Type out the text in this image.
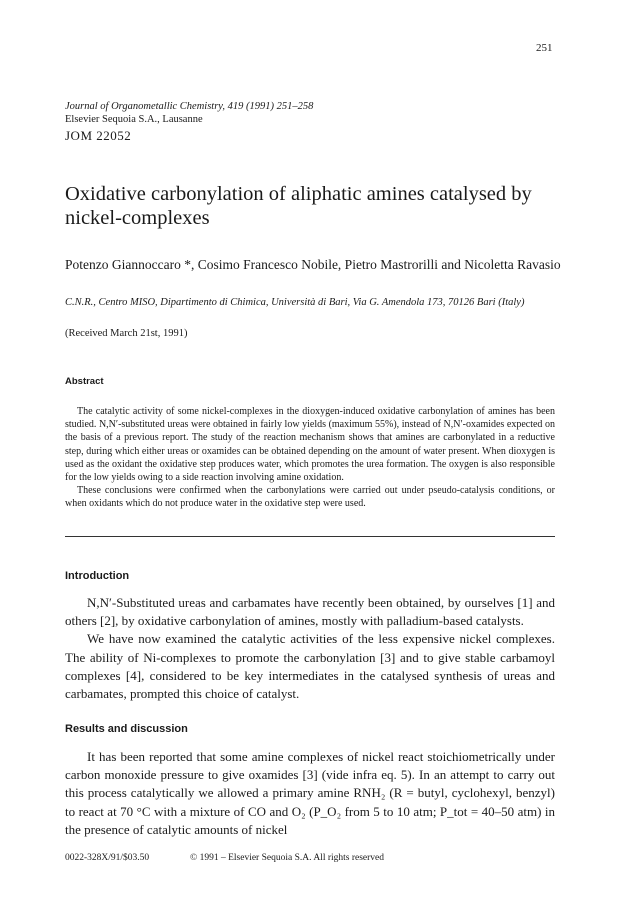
251
Journal of Organometallic Chemistry, 419 (1991) 251–258
Elsevier Sequoia S.A., Lausanne
JOM 22052
Oxidative carbonylation of aliphatic amines catalysed by nickel-complexes
Potenzo Giannoccaro *, Cosimo Francesco Nobile, Pietro Mastrorilli and Nicoletta Ravasio
C.N.R., Centro MISO, Dipartimento di Chimica, Università di Bari, Via G. Amendola 173, 70126 Bari (Italy)
(Received March 21st, 1991)
Abstract

The catalytic activity of some nickel-complexes in the dioxygen-induced oxidative carbonylation of amines has been studied. N,N′-substituted ureas were obtained in fairly low yields (maximum 55%), instead of N,N′-oxamides expected on the basis of a previous report. The study of the reaction mechanism shows that amines are carbonylated in a reductive step, during which either ureas or oxamides can be obtained depending on the amount of water present. When dioxygen is used as the oxidant the oxidative step produces water, which promotes the urea formation. The oxygen is also responsible for the low yields owing to a side reaction involving amine oxidation.

These conclusions were confirmed when the carbonylations were carried out under pseudo-catalysis conditions, or when oxidants which do not produce water in the oxidative step were used.

Introduction

N,N′-Substituted ureas and carbamates have recently been obtained, by ourselves [1] and others [2], by oxidative carbonylation of amines, mostly with palladium-based catalysts.

We have now examined the catalytic activities of the less expensive nickel complexes. The ability of Ni-complexes to promote the carbonylation [3] and to give stable carbamoyl complexes [4], considered to be key intermediates in the catalysed synthesis of ureas and carbamates, prompted this choice of catalyst.

Results and discussion

It has been reported that some amine complexes of nickel react stoichiometrically under carbon monoxide pressure to give oxamides [3] (vide infra eq. 5). In an attempt to carry out this process catalytically we allowed a primary amine RNH₂ (R = butyl, cyclohexyl, benzyl) to react at 70 °C with a mixture of CO and O₂ (P_O₂ from 5 to 10 atm; P_tot = 40–50 atm) in the presence of catalytic amounts of nickel

0022-328X/91/$03.50	© 1991 – Elsevier Sequoia S.A. All rights reserved
